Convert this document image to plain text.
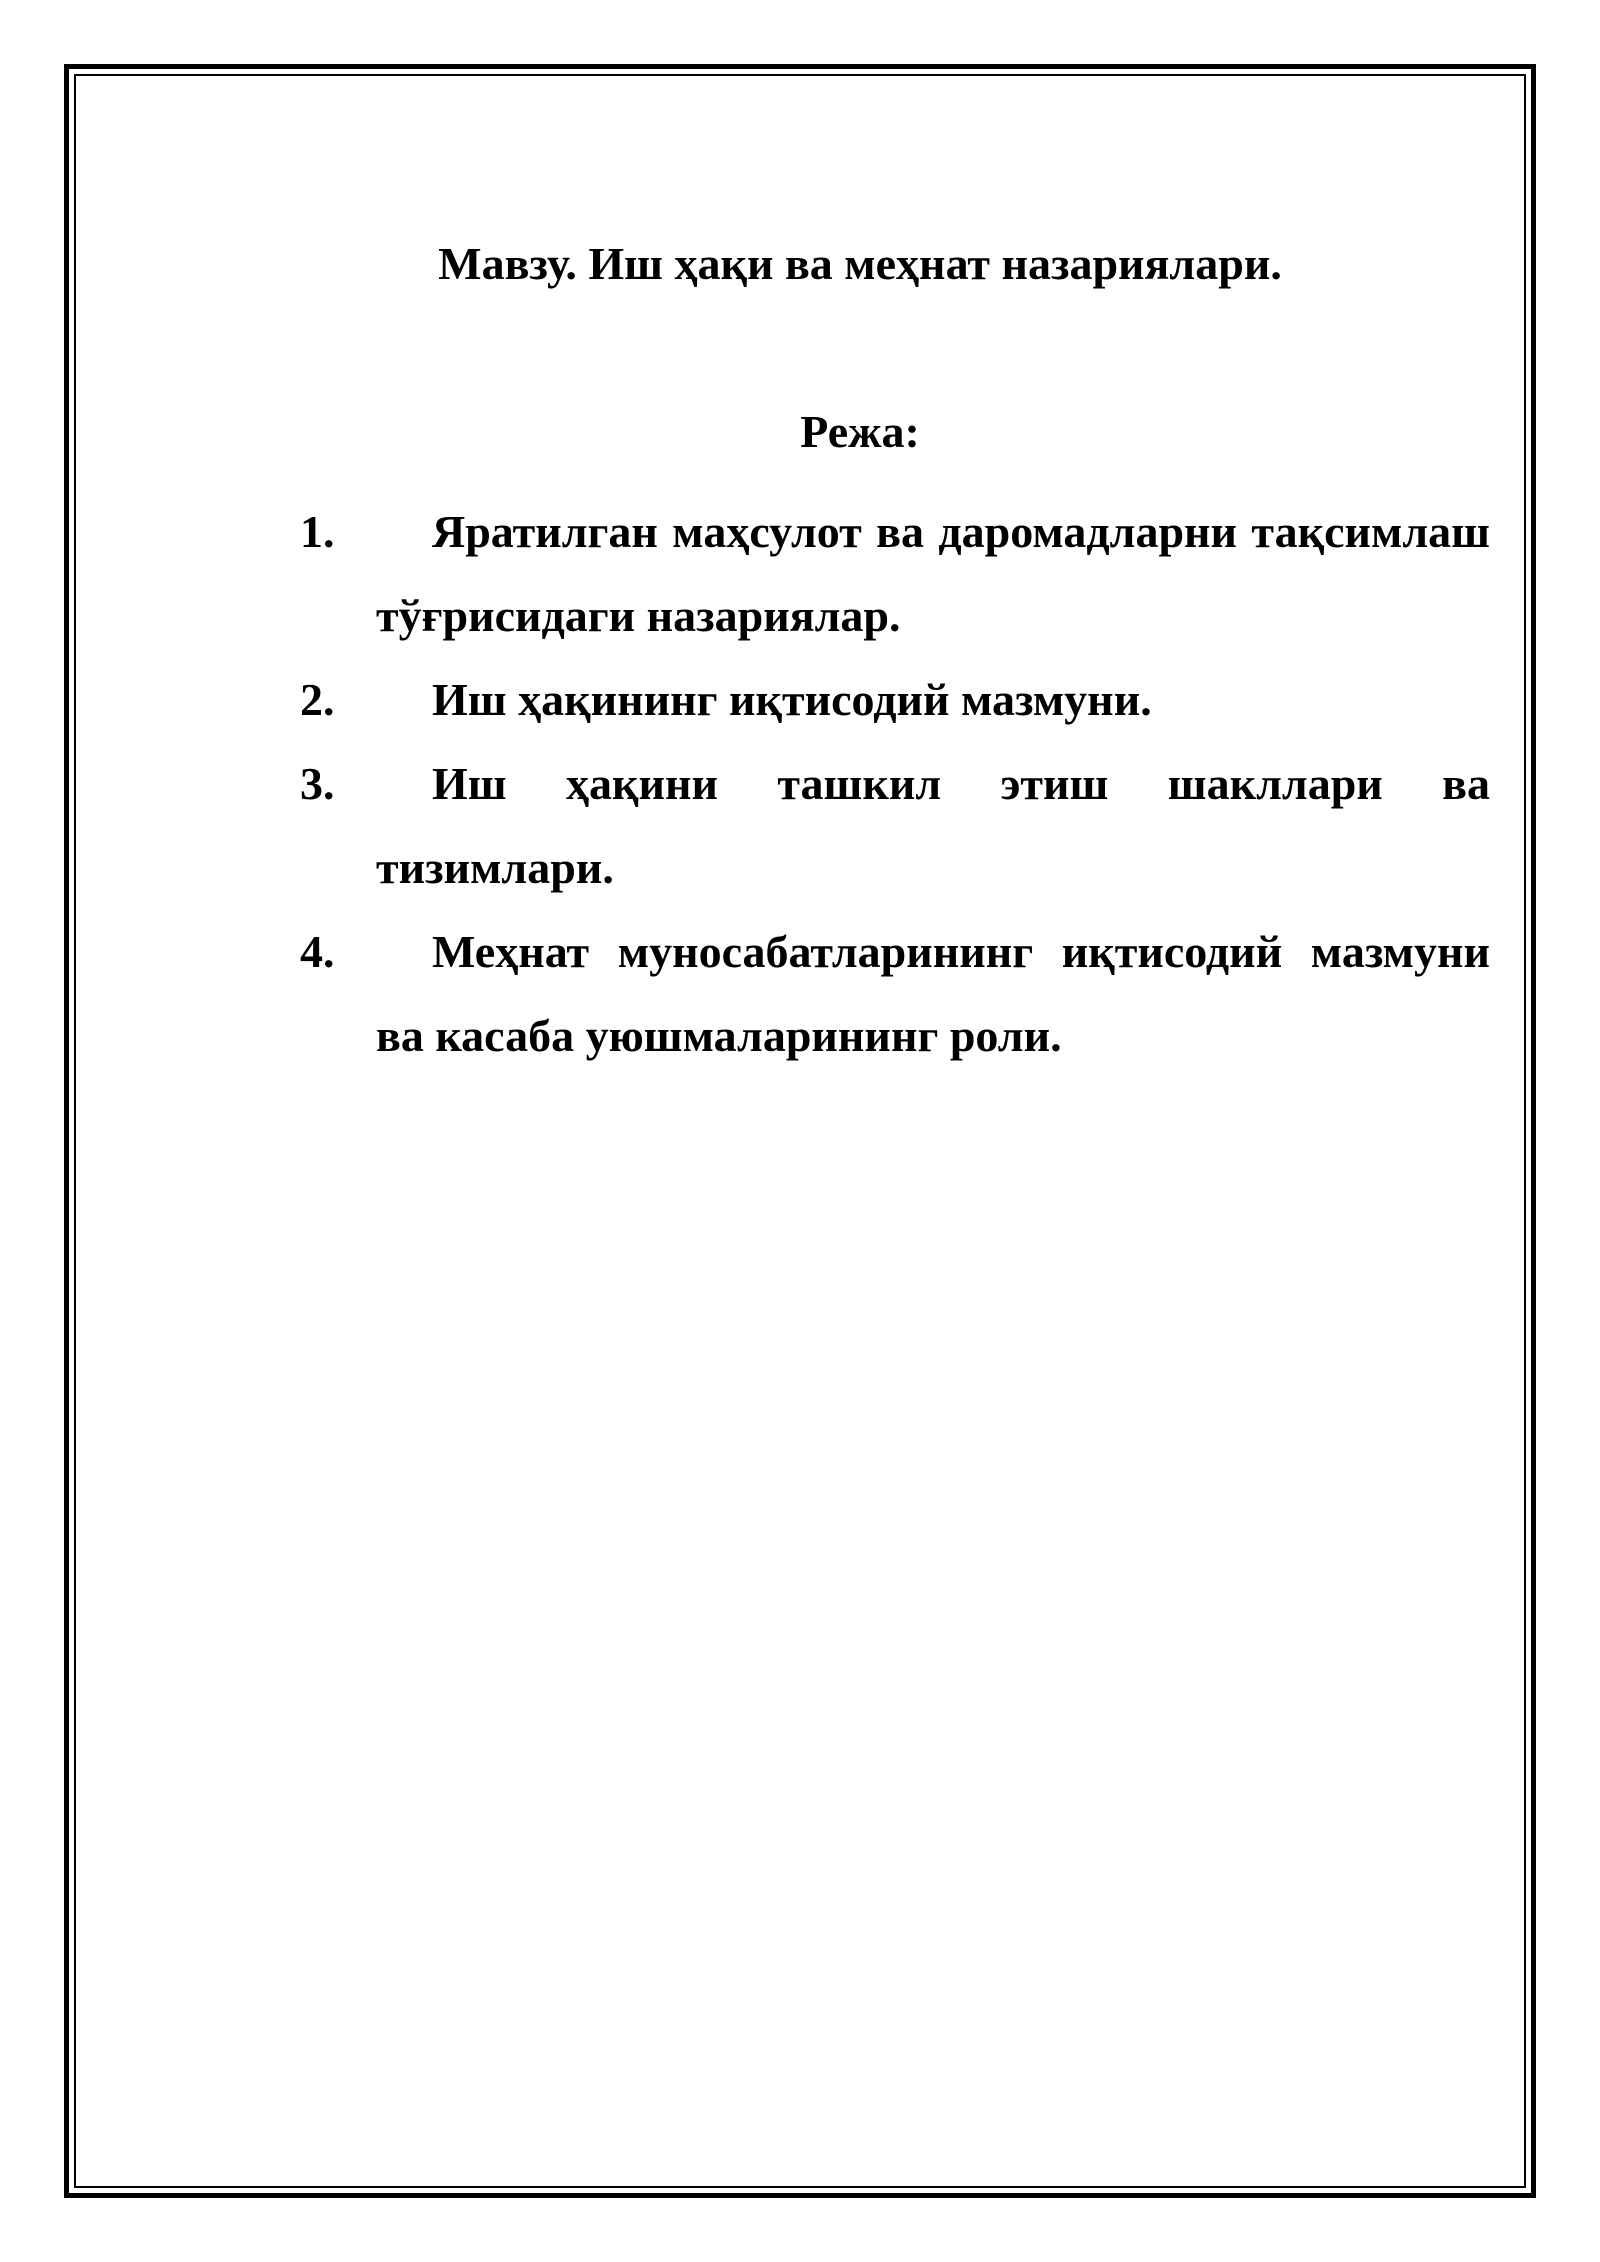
Мавзу. Иш ҳақи ва меҳнат назариялари.
Режа:
1.	Яратилган маҳсулот ва даромадларни тақсимлаш тўғрисидаги назариялар.
2.	Иш ҳақининг иқтисодий мазмуни.
3.	Иш ҳақини ташкил этиш шакллари ва тизимлари.
4.	Меҳнат муносабатларининг иқтисодий мазмуни ва касаба уюшмаларининг роли.
